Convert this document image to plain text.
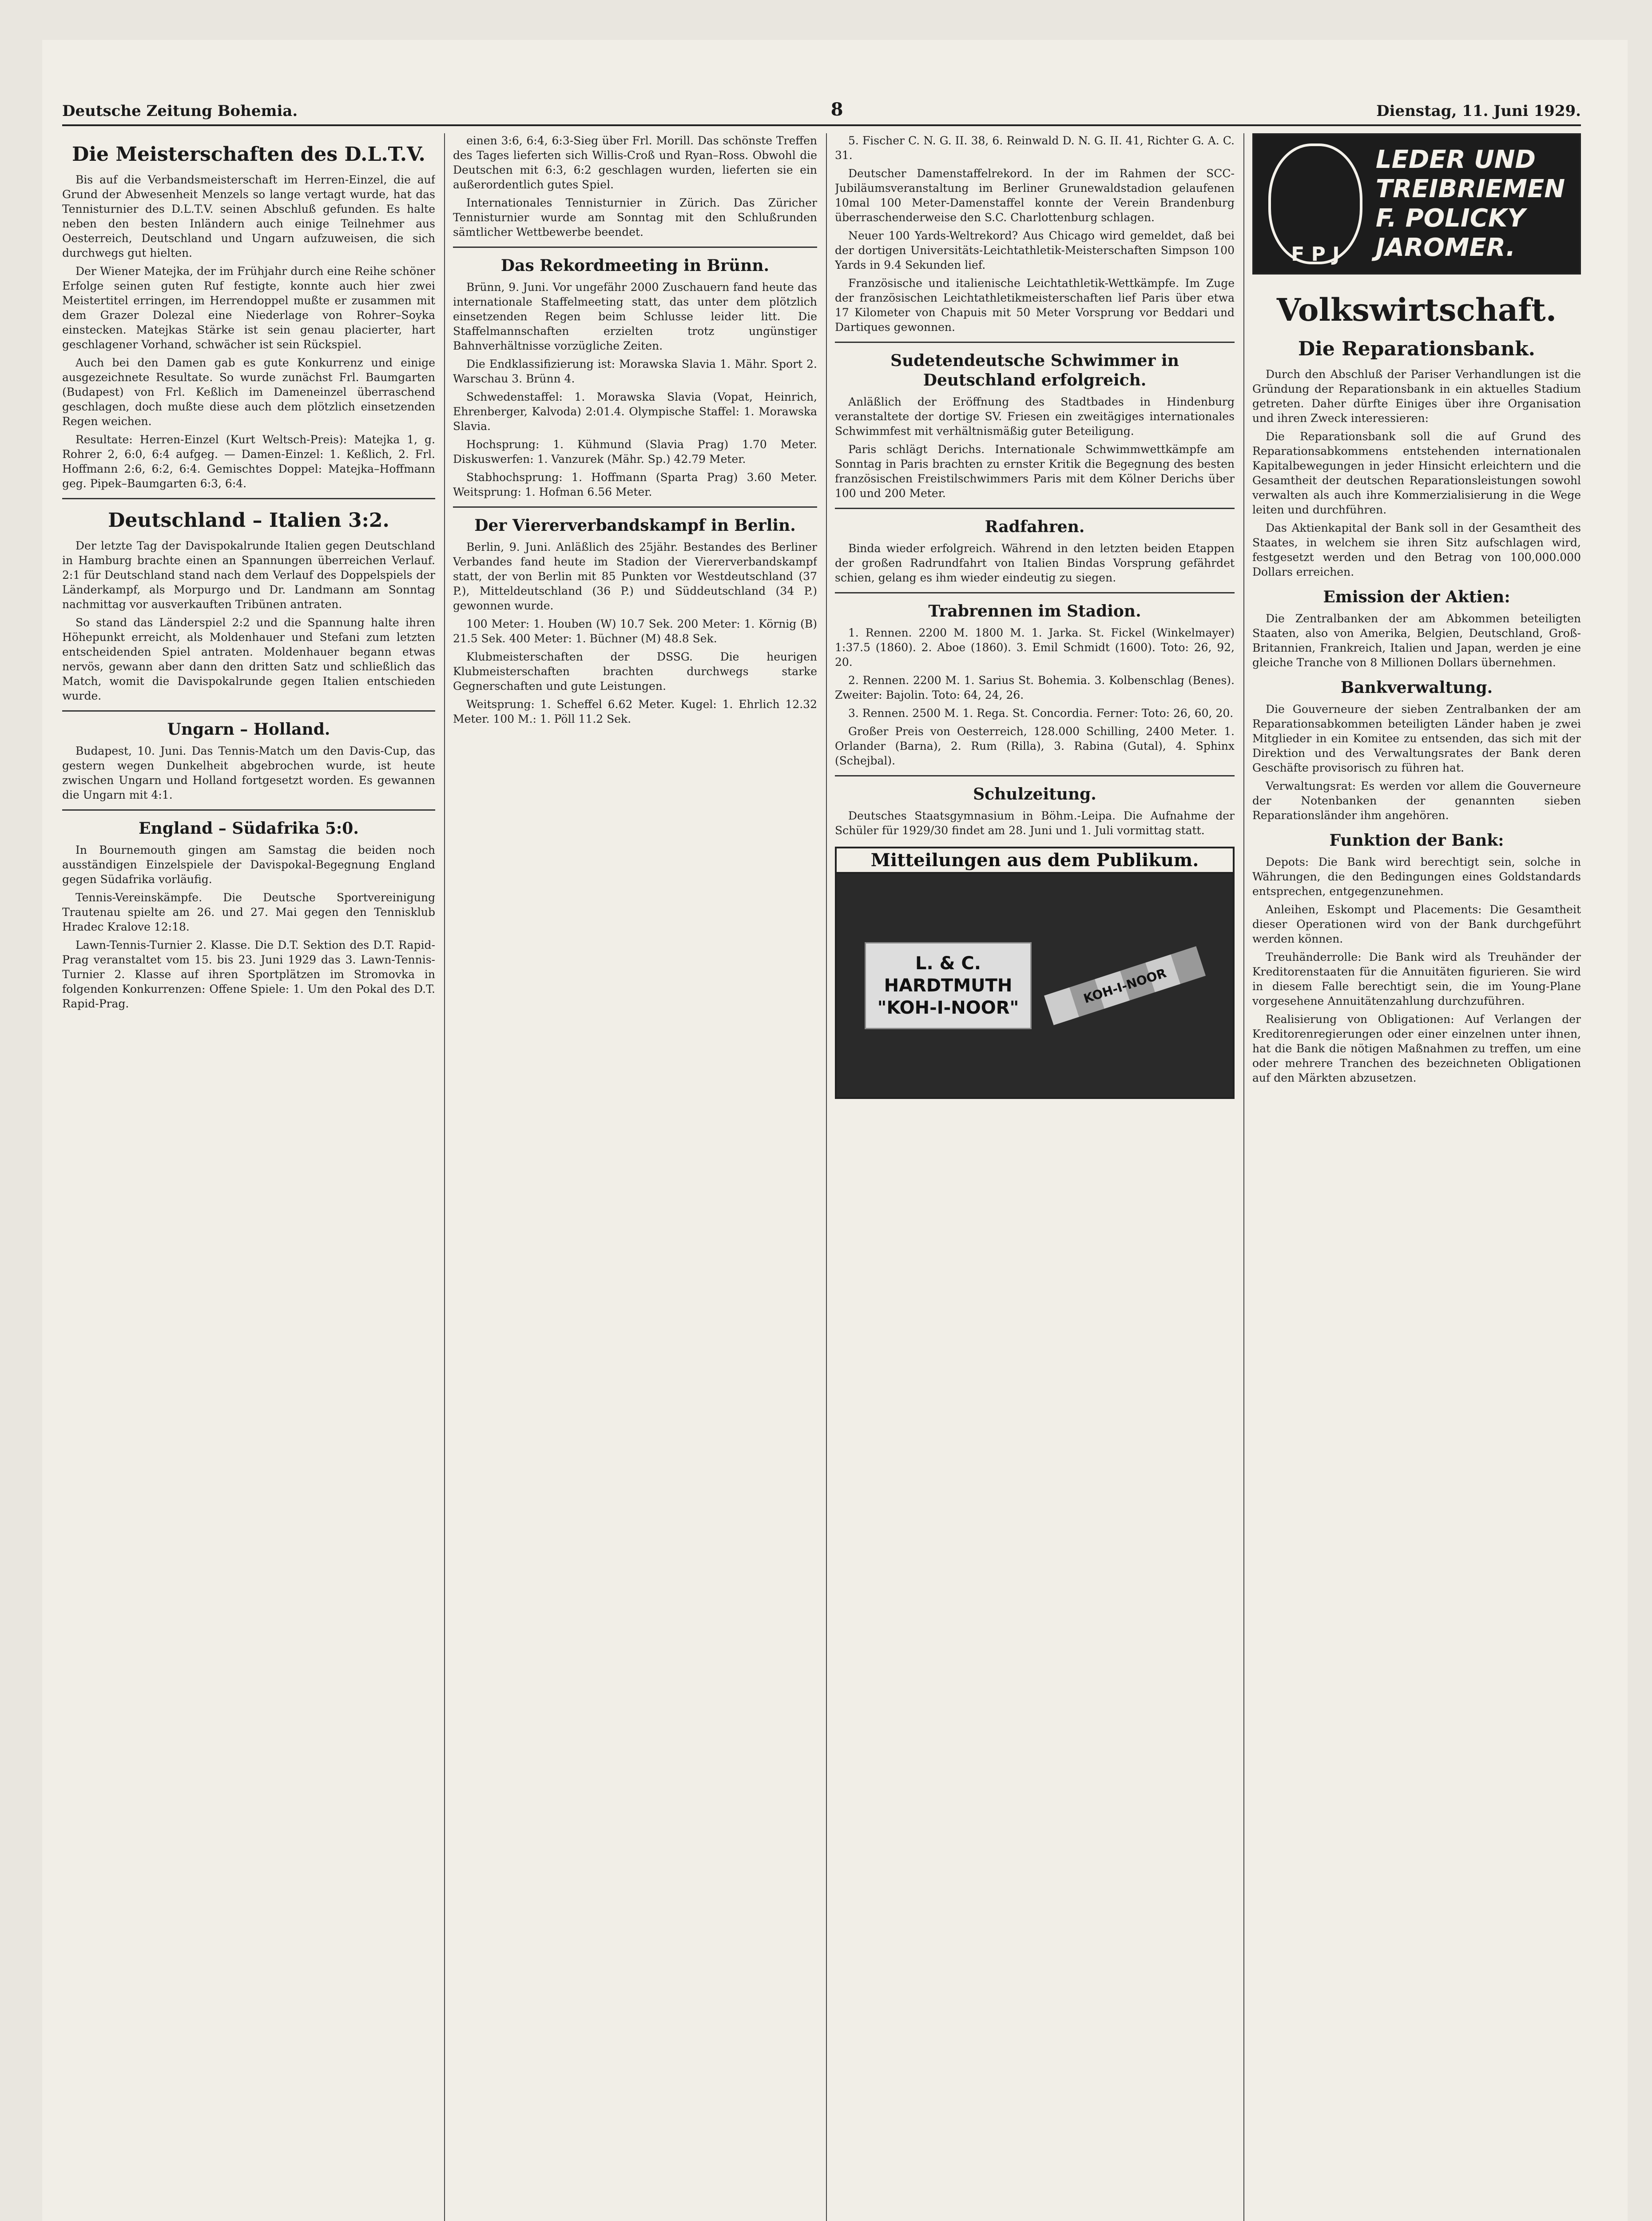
Deutsche Zeitung Bohemia.	8	Dienstag, 11. Juni 1929.
Die Meisterschaften des D.L.T.V.

Bis auf die Verbandsmeisterschaft im Herren-Einzel, die auf Grund der Abwesenheit Menzels so lange vertagt wurde, hat das Tennisturnier des D.L.T.V. seinen Abschluß gefunden. Es halte neben den besten Inländern auch einige Teilnehmer aus Oesterreich, Deutschland und Ungarn aufzuweisen, die sich durchwegs gut hielten.

Der Wiener Matejka, der im Frühjahr durch eine Reihe schöner Erfolge seinen guten Ruf festigte, konnte auch hier zwei Meistertitel erringen, im Herrendoppel mußte er zusammen mit dem Grazer Dolezal eine Niederlage von Rohrer–Soyka einstecken. Matejkas Stärke ist sein genau placierter, hart geschlagener Vorhand, schwächer ist sein Rückspiel.

Auch bei den Damen gab es gute Konkurrenz und einige ausgezeichnete Resultate. So wurde zunächst Frl. Baumgarten (Budapest) von Frl. Keßlich im Dameneinzel überraschend geschlagen, doch mußte diese auch dem plötzlich einsetzenden Regen weichen.

Resultate: Herren-Einzel (Kurt Weltsch-Preis): Matejka 1, g. Rohrer 2, 6:0, 6:4 aufgeg. — Damen-Einzel: 1. Keßlich, 2. Frl. Hoffmann 2:6, 6:2, 6:4. Gemischtes Doppel: Matejka–Hoffmann geg. Pipek–Baumgarten 6:3, 6:4.

Deutschland – Italien 3:2.

Der letzte Tag der Davispokalrunde Italien gegen Deutschland in Hamburg brachte einen an Spannungen überreichen Verlauf. 2:1 für Deutschland stand nach dem Verlauf des Doppelspiels der Länderkampf, als Morpurgo und Dr. Landmann am Sonntag nachmittag vor ausverkauften Tribünen antraten.

So stand das Länderspiel 2:2 und die Spannung halte ihren Höhepunkt erreicht, als Moldenhauer und Stefani zum letzten entscheidenden Spiel antraten. Moldenhauer begann etwas nervös, gewann aber dann den dritten Satz und schließlich das Match, womit die Davispokalrunde gegen Italien entschieden wurde.

Ungarn – Holland.

Budapest, 10. Juni. Das Tennis-Match um den Davis-Cup, das gestern wegen Dunkelheit abgebrochen wurde, ist heute zwischen Ungarn und Holland fortgesetzt worden. Es gewannen die Ungarn mit 4:1.

England – Südafrika 5:0.

In Bournemouth gingen am Samstag die beiden noch ausständigen Einzelspiele der Davispokal-Begegnung England gegen Südafrika vorläufig.

Tennis-Vereinskämpfe. Die Deutsche Sportvereinigung Trautenau spielte am 26. und 27. Mai gegen den Tennisklub Hradec Kralove 12:18.

Lawn-Tennis-Turnier 2. Klasse. Die D.T. Sektion des D.T. Rapid-Prag veranstaltet vom 15. bis 23. Juni 1929 das 3. Lawn-Tennis-Turnier 2. Klasse auf ihren Sportplätzen im Stromovka in folgenden Konkurrenzen: Offene Spiele: 1. Um den Pokal des D.T. Rapid-Prag.

einen 3:6, 6:4, 6:3-Sieg über Frl. Morill. Das schönste Treffen des Tages lieferten sich Willis-Croß und Ryan–Ross. Obwohl die Deutschen mit 6:3, 6:2 geschlagen wurden, lieferten sie ein außerordentlich gutes Spiel.

Internationales Tennisturnier in Zürich. Das Züricher Tennisturnier wurde am Sonntag mit den Schlußrunden sämtlicher Wettbewerbe beendet.

Das Rekordmeeting in Brünn.

Brünn, 9. Juni. Vor ungefähr 2000 Zuschauern fand heute das internationale Staffelmeeting statt, das unter dem plötzlich einsetzenden Regen beim Schlusse leider litt. Die Staffelmannschaften erzielten trotz ungünstiger Bahnverhältnisse vorzügliche Zeiten.

Die Endklassifizierung ist: Morawska Slavia 1. Mähr. Sport 2. Warschau 3. Brünn 4.

Schwedenstaffel: 1. Morawska Slavia (Vopat, Heinrich, Ehrenberger, Kalvoda) 2:01.4. Olympische Staffel: 1. Morawska Slavia.

Hochsprung: 1. Kühmund (Slavia Prag) 1.70 Meter. Diskuswerfen: 1. Vanzurek (Mähr. Sp.) 42.79 Meter.

Stabhochsprung: 1. Hoffmann (Sparta Prag) 3.60 Meter. Weitsprung: 1. Hofman 6.56 Meter.

Der Viererverbandskampf in Berlin.

Berlin, 9. Juni. Anläßlich des 25jähr. Bestandes des Berliner Verbandes fand heute im Stadion der Viererverbandskampf statt, der von Berlin mit 85 Punkten vor Westdeutschland (37 P.), Mitteldeutschland (36 P.) und Süddeutschland (34 P.) gewonnen wurde.

100 Meter: 1. Houben (W) 10.7 Sek. 200 Meter: 1. Körnig (B) 21.5 Sek. 400 Meter: 1. Büchner (M) 48.8 Sek.

Klubmeisterschaften der DSSG. Die heurigen Klubmeisterschaften brachten durchwegs starke Gegnerschaften und gute Leistungen.

Weitsprung: 1. Scheffel 6.62 Meter. Kugel: 1. Ehrlich 12.32 Meter. 100 M.: 1. Pöll 11.2 Sek.

5. Fischer C. N. G. II. 38, 6. Reinwald D. N. G. II. 41, Richter G. A. C. 31.

Deutscher Damenstaffelrekord. In der im Rahmen der SCC-Jubiläumsveranstaltung im Berliner Grunewaldstadion gelaufenen 10mal 100 Meter-Damenstaffel konnte der Verein Brandenburg überraschenderweise den S.C. Charlottenburg schlagen.

Neuer 100 Yards-Weltrekord? Aus Chicago wird gemeldet, daß bei der dortigen Universitäts-Leichtathletik-Meisterschaften Simpson 100 Yards in 9.4 Sekunden lief.

Französische und italienische Leichtathletik-Wettkämpfe. Im Zuge der französischen Leichtathletikmeisterschaften lief Paris über etwa 17 Kilometer von Chapuis mit 50 Meter Vorsprung vor Beddari und Dartiques gewonnen.

Sudetendeutsche Schwimmer in Deutschland erfolgreich.

Anläßlich der Eröffnung des Stadtbades in Hindenburg veranstaltete der dortige SV. Friesen ein zweitägiges internationales Schwimmfest mit verhältnismäßig guter Beteiligung.

Paris schlägt Derichs. Internationale Schwimmwettkämpfe am Sonntag in Paris brachten zu ernster Kritik die Begegnung des besten französischen Freistilschwimmers Paris mit dem Kölner Derichs über 100 und 200 Meter.

Radfahren.

Binda wieder erfolgreich. Während in den letzten beiden Etappen der großen Radrundfahrt von Italien Bindas Vorsprung gefährdet schien, gelang es ihm wieder eindeutig zu siegen.

Trabrennen im Stadion.

1. Rennen. 2200 M. 1800 M. 1. Jarka. St. Fickel (Winkelmayer) 1:37.5 (1860). 2. Aboe (1860). 3. Emil Schmidt (1600). Toto: 26, 92, 20.

2. Rennen. 2200 M. 1. Sarius St. Bohemia. 3. Kolbenschlag (Benes). Zweiter: Bajolin. Toto: 64, 24, 26.

3. Rennen. 2500 M. 1. Rega. St. Concordia. Ferner: Toto: 26, 60, 20.

Großer Preis von Oesterreich, 128.000 Schilling, 2400 Meter. 1. Orlander (Barna), 2. Rum (Rilla), 3. Rabina (Gutal), 4. Sphinx (Schejbal).

Schulzeitung.

Deutsches Staatsgymnasium in Böhm.-Leipa. Die Aufnahme der Schüler für 1929/30 findet am 28. Juni und 1. Juli vormittag statt.

Mitteilungen aus dem Publikum.
L. & C.
HARDTMUTH
"KOH-I-NOOR"
KOH-I-NOOR
F P J
LEDER UND
TREIBRIEMEN
F. POLICKY
JAROMER.
Volkswirtschaft.
Die Reparationsbank.

Durch den Abschluß der Pariser Verhandlungen ist die Gründung der Reparationsbank in ein aktuelles Stadium getreten. Daher dürfte Einiges über ihre Organisation und ihren Zweck interessieren:

Die Reparationsbank soll die auf Grund des Reparationsabkommens entstehenden internationalen Kapitalbewegungen in jeder Hinsicht erleichtern und die Gesamtheit der deutschen Reparationsleistungen sowohl verwalten als auch ihre Kommerzialisierung in die Wege leiten und durchführen.

Das Aktienkapital der Bank soll in der Gesamtheit des Staates, in welchem sie ihren Sitz aufschlagen wird, festgesetzt werden und den Betrag von 100,000.000 Dollars erreichen.

Emission der Aktien:

Die Zentralbanken der am Abkommen beteiligten Staaten, also von Amerika, Belgien, Deutschland, Groß-Britannien, Frankreich, Italien und Japan, werden je eine gleiche Tranche von 8 Millionen Dollars übernehmen.

Bankverwaltung.

Die Gouverneure der sieben Zentralbanken der am Reparationsabkommen beteiligten Länder haben je zwei Mitglieder in ein Komitee zu entsenden, das sich mit der Direktion und des Verwaltungsrates der Bank deren Geschäfte provisorisch zu führen hat.

Verwaltungsrat: Es werden vor allem die Gouverneure der Notenbanken der genannten sieben Reparationsländer ihm angehören.

Funktion der Bank:

Depots: Die Bank wird berechtigt sein, solche in Währungen, die den Bedingungen eines Goldstandards entsprechen, entgegenzunehmen.

Anleihen, Eskompt und Placements: Die Gesamtheit dieser Operationen wird von der Bank durchgeführt werden können.

Treuhänderrolle: Die Bank wird als Treuhänder der Kreditorenstaaten für die Annuitäten figurieren. Sie wird in diesem Falle berechtigt sein, die im Young-Plane vorgesehene Annuitätenzahlung durchzuführen.

Realisierung von Obligationen: Auf Verlangen der Kreditorenregierungen oder einer einzelnen unter ihnen, hat die Bank die nötigen Maßnahmen zu treffen, um eine oder mehrere Tranchen des bezeichneten Obligationen auf den Märkten abzusetzen.
